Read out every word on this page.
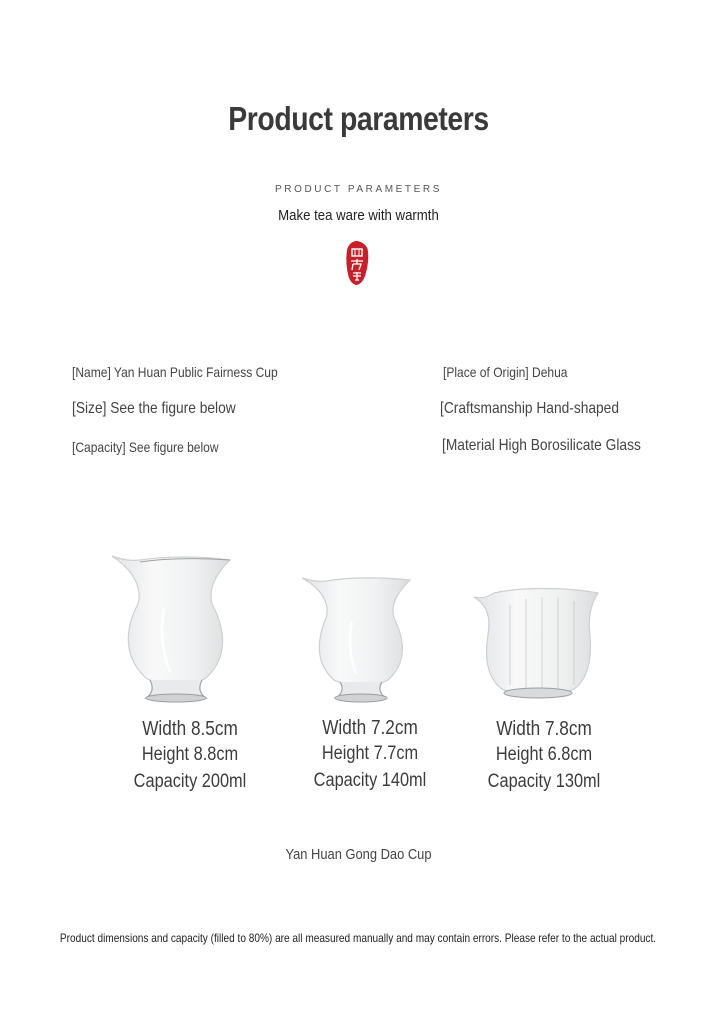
Product parameters
PRODUCT PARAMETERS
Make tea ware with warmth
[Name] Yan Huan Public Fairness Cup	[Place of Origin] Dehua
[Size] See the figure below	[Craftsmanship Hand-shaped
[Capacity] See figure below	[Material High Borosilicate Glass
Width 8.5cm
Height 8.8cm
Capacity 200ml
Width 7.2cm
Height 7.7cm
Capacity 140ml
Width 7.8cm
Height 6.8cm
Capacity 130ml
Yan Huan Gong Dao Cup
Product dimensions and capacity (filled to 80%) are all measured manually and may contain errors. Please refer to the actual product.
